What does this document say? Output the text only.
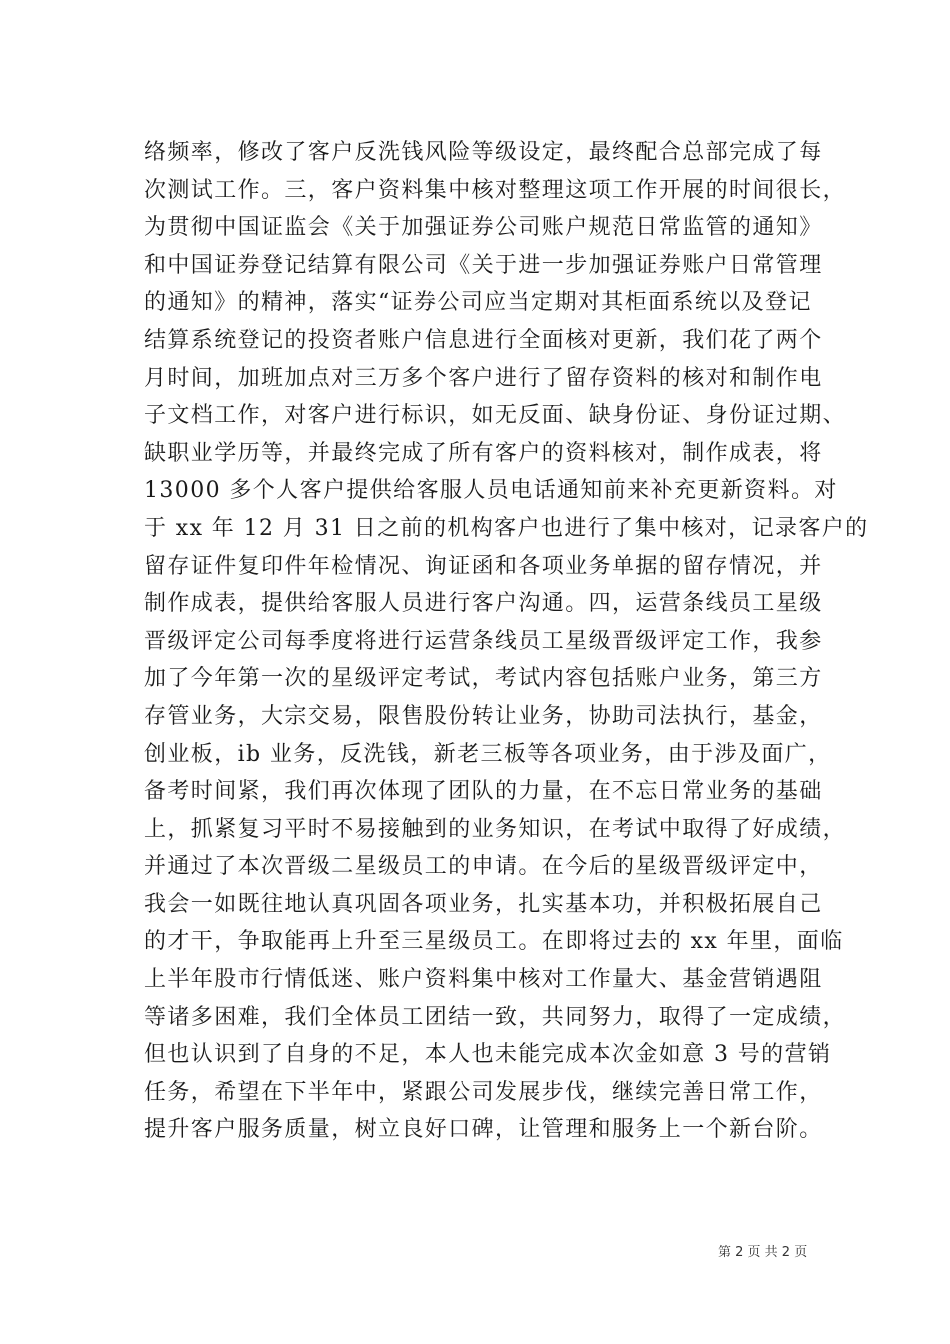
络频率，修改了客户反洗钱风险等级设定，最终配合总部完成了每
次测试工作。三，客户资料集中核对整理这项工作开展的时间很长，
为贯彻中国证监会《关于加强证券公司账户规范日常监管的通知》
和中国证券登记结算有限公司《关于进一步加强证券账户日常管理
的通知》的精神，落实“证券公司应当定期对其柜面系统以及登记
结算系统登记的投资者账户信息进行全面核对更新，我们花了两个
月时间，加班加点对三万多个客户进行了留存资料的核对和制作电
子文档工作，对客户进行标识，如无反面、缺身份证、身份证过期、
缺职业学历等，并最终完成了所有客户的资料核对，制作成表，将
13000 多个人客户提供给客服人员电话通知前来补充更新资料。对
于 xx 年 12 月 31 日之前的机构客户也进行了集中核对，记录客户的
留存证件复印件年检情况、询证函和各项业务单据的留存情况，并
制作成表，提供给客服人员进行客户沟通。四，运营条线员工星级
晋级评定公司每季度将进行运营条线员工星级晋级评定工作，我参
加了今年第一次的星级评定考试，考试内容包括账户业务，第三方
存管业务，大宗交易，限售股份转让业务，协助司法执行，基金，
创业板，ib 业务，反洗钱，新老三板等各项业务，由于涉及面广，
备考时间紧，我们再次体现了团队的力量，在不忘日常业务的基础
上，抓紧复习平时不易接触到的业务知识，在考试中取得了好成绩，
并通过了本次晋级二星级员工的申请。在今后的星级晋级评定中，
我会一如既往地认真巩固各项业务，扎实基本功，并积极拓展自己
的才干，争取能再上升至三星级员工。在即将过去的 xx 年里，面临
上半年股市行情低迷、账户资料集中核对工作量大、基金营销遇阻
等诸多困难，我们全体员工团结一致，共同努力，取得了一定成绩，
但也认识到了自身的不足，本人也未能完成本次金如意 3 号的营销
任务，希望在下半年中，紧跟公司发展步伐，继续完善日常工作，
提升客户服务质量，树立良好口碑，让管理和服务上一个新台阶。
第 2 页 共 2 页
